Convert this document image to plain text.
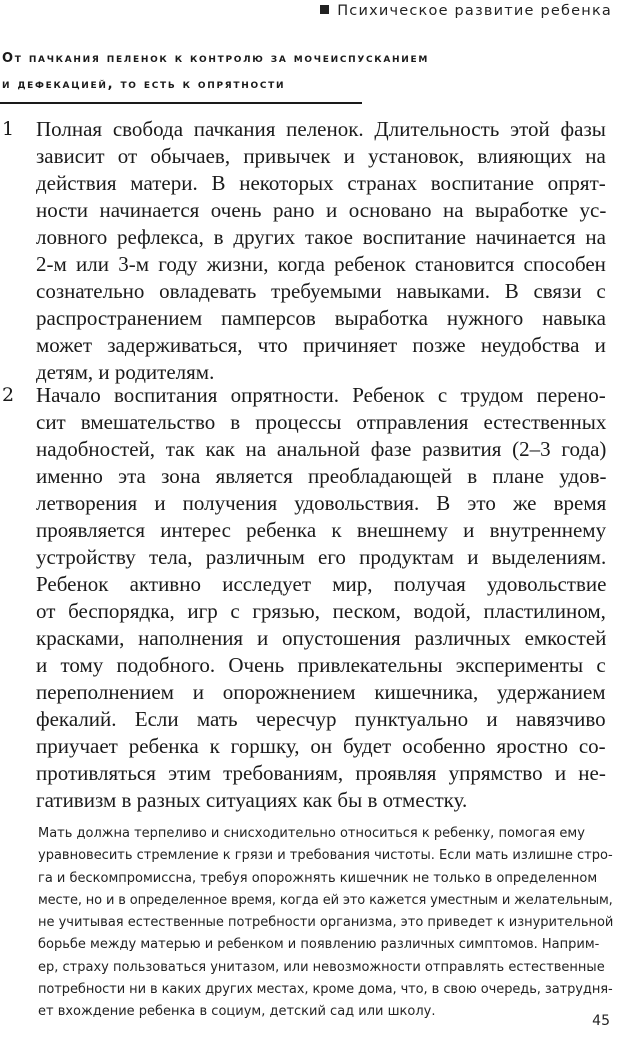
Психическое развитие ребенка
От пачкания пеленок к контролю за мочеиспусканием
и дефекацией, то есть к опрятности
1 Полная свобода пачкания пеленок. Длительность этой фазы
зависит от обычаев, привычек и установок, влияющих на
действия матери. В некоторых странах воспитание опрят-
ности начинается очень рано и основано на выработке ус-
ловного рефлекса, в других такое воспитание начинается на
2-м или 3-м году жизни, когда ребенок становится способен
сознательно овладевать требуемыми навыками. В связи с
распространением памперсов выработка нужного навыка
может задерживаться, что причиняет позже неудобства и
детям, и родителям.
2 Начало воспитания опрятности. Ребенок с трудом перено-
сит вмешательство в процессы отправления естественных
надобностей, так как на анальной фазе развития (2–3 года)
именно эта зона является преобладающей в плане удов-
летворения и получения удовольствия. В это же время
проявляется интерес ребенка к внешнему и внутреннему
устройству тела, различным его продуктам и выделениям.
Ребенок активно исследует мир, получая удовольствие
от беспорядка, игр с грязью, песком, водой, пластилином,
красками, наполнения и опустошения различных емкостей
и тому подобного. Очень привлекательны эксперименты с
переполнением и опорожнением кишечника, удержанием
фекалий. Если мать чересчур пунктуально и навязчиво
приучает ребенка к горшку, он будет особенно яростно со-
противляться этим требованиям, проявляя упрямство и не-
гативизм в разных ситуациях как бы в отместку.
Мать должна терпеливо и снисходительно относиться к ребенку, помогая ему
уравновесить стремление к грязи и требования чистоты. Если мать излишне стро-
га и бескомпромиссна, требуя опорожнять кишечник не только в определенном
месте, но и в определенное время, когда ей это кажется уместным и желательным,
не учитывая естественные потребности организма, это приведет к изнурительной
борьбе между матерью и ребенком и появлению различных симптомов. Наприм-
ер, страху пользоваться унитазом, или невозможности отправлять естественные
потребности ни в каких других местах, кроме дома, что, в свою очередь, затрудня-
ет вхождение ребенка в социум, детский сад или школу.
45
